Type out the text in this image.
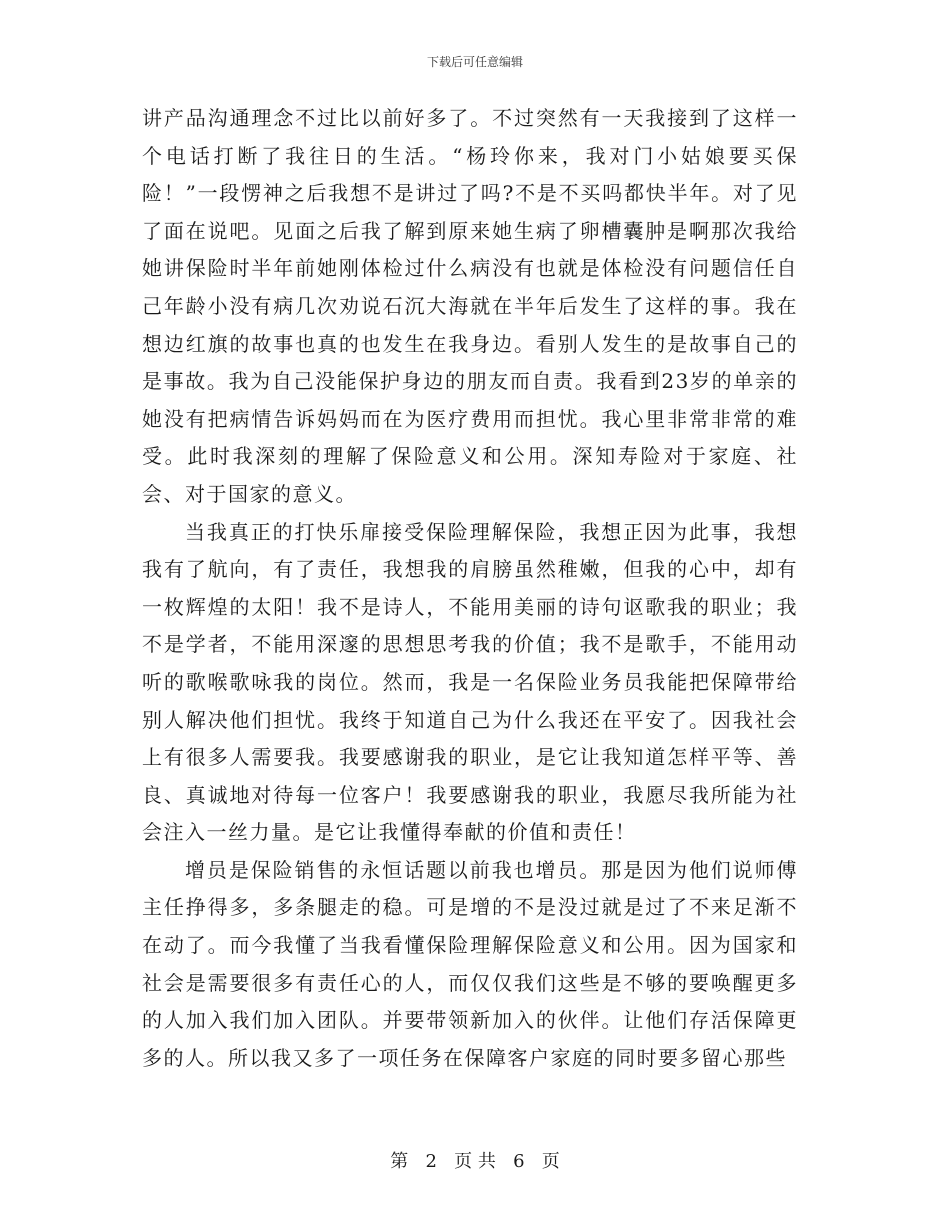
下载后可任意编辑

讲产品沟通理念不过比以前好多了。不过突然有一天我接到了这样一个电话打断了我往日的生活。“杨玲你来，我对门小姑娘要买保险！”一段愣神之后我想不是讲过了吗?不是不买吗都快半年。对了见了面在说吧。见面之后我了解到原来她生病了卵槽囊肿是啊那次我给她讲保险时半年前她刚体检过什么病没有也就是体检没有问题信任自己年龄小没有病几次劝说石沉大海就在半年后发生了这样的事。我在想边红旗的故事也真的也发生在我身边。看别人发生的是故事自己的是事故。我为自己没能保护身边的朋友而自责。我看到23岁的单亲的她没有把病情告诉妈妈而在为医疗费用而担忧。我心里非常非常的难受。此时我深刻的理解了保险意义和公用。深知寿险对于家庭、社会、对于国家的意义。

当我真正的打快乐扉接受保险理解保险，我想正因为此事，我想我有了航向，有了责任，我想我的肩膀虽然稚嫩，但我的心中，却有一枚辉煌的太阳！我不是诗人，不能用美丽的诗句讴歌我的职业；我不是学者，不能用深邃的思想思考我的价值；我不是歌手，不能用动听的歌喉歌咏我的岗位。然而，我是一名保险业务员我能把保障带给别人解决他们担忧。我终于知道自己为什么我还在平安了。因我社会上有很多人需要我。我要感谢我的职业，是它让我知道怎样平等、善良、真诚地对待每一位客户！我要感谢我的职业，我愿尽我所能为社会注入一丝力量。是它让我懂得奉献的价值和责任！

增员是保险销售的永恒话题以前我也增员。那是因为他们说师傅主任挣得多，多条腿走的稳。可是增的不是没过就是过了不来足渐不在动了。而今我懂了当我看懂保险理解保险意义和公用。因为国家和社会是需要很多有责任心的人，而仅仅我们这些是不够的要唤醒更多的人加入我们加入团队。并要带领新加入的伙伴。让他们存活保障更多的人。所以我又多了一项任务在保障客户家庭的同时要多留心那些

第 2 页 共 6 页
